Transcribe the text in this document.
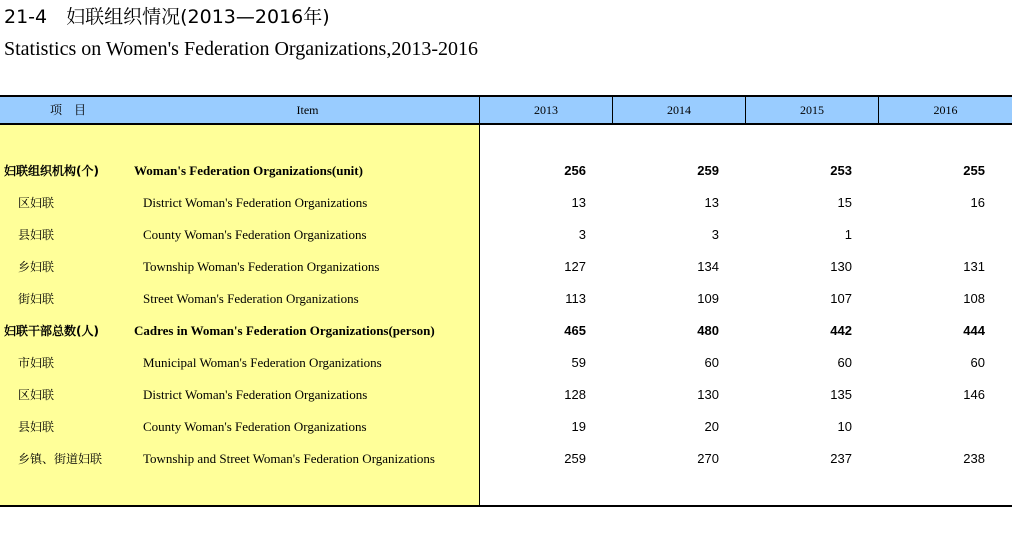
21-4　妇联组织情况(2013—2016年)
Statistics on Women's Federation Organizations,2013-2016
项　目	Item	2013	2014	2015	2016
妇联组织机构(个)	Woman's Federation Organizations(unit)	256	259	253	255
区妇联	District Woman's Federation Organizations	13	13	15	16
县妇联	County Woman's Federation Organizations	3	3	1
乡妇联	Township Woman's Federation Organizations	127	134	130	131
街妇联	Street Woman's Federation Organizations	113	109	107	108
妇联干部总数(人)	Cadres in Woman's Federation Organizations(person)	465	480	442	444
市妇联	Municipal Woman's Federation Organizations	59	60	60	60
区妇联	District Woman's Federation Organizations	128	130	135	146
县妇联	County Woman's Federation Organizations	19	20	10
乡镇、街道妇联	Township and Street Woman's Federation Organizations	259	270	237	238
